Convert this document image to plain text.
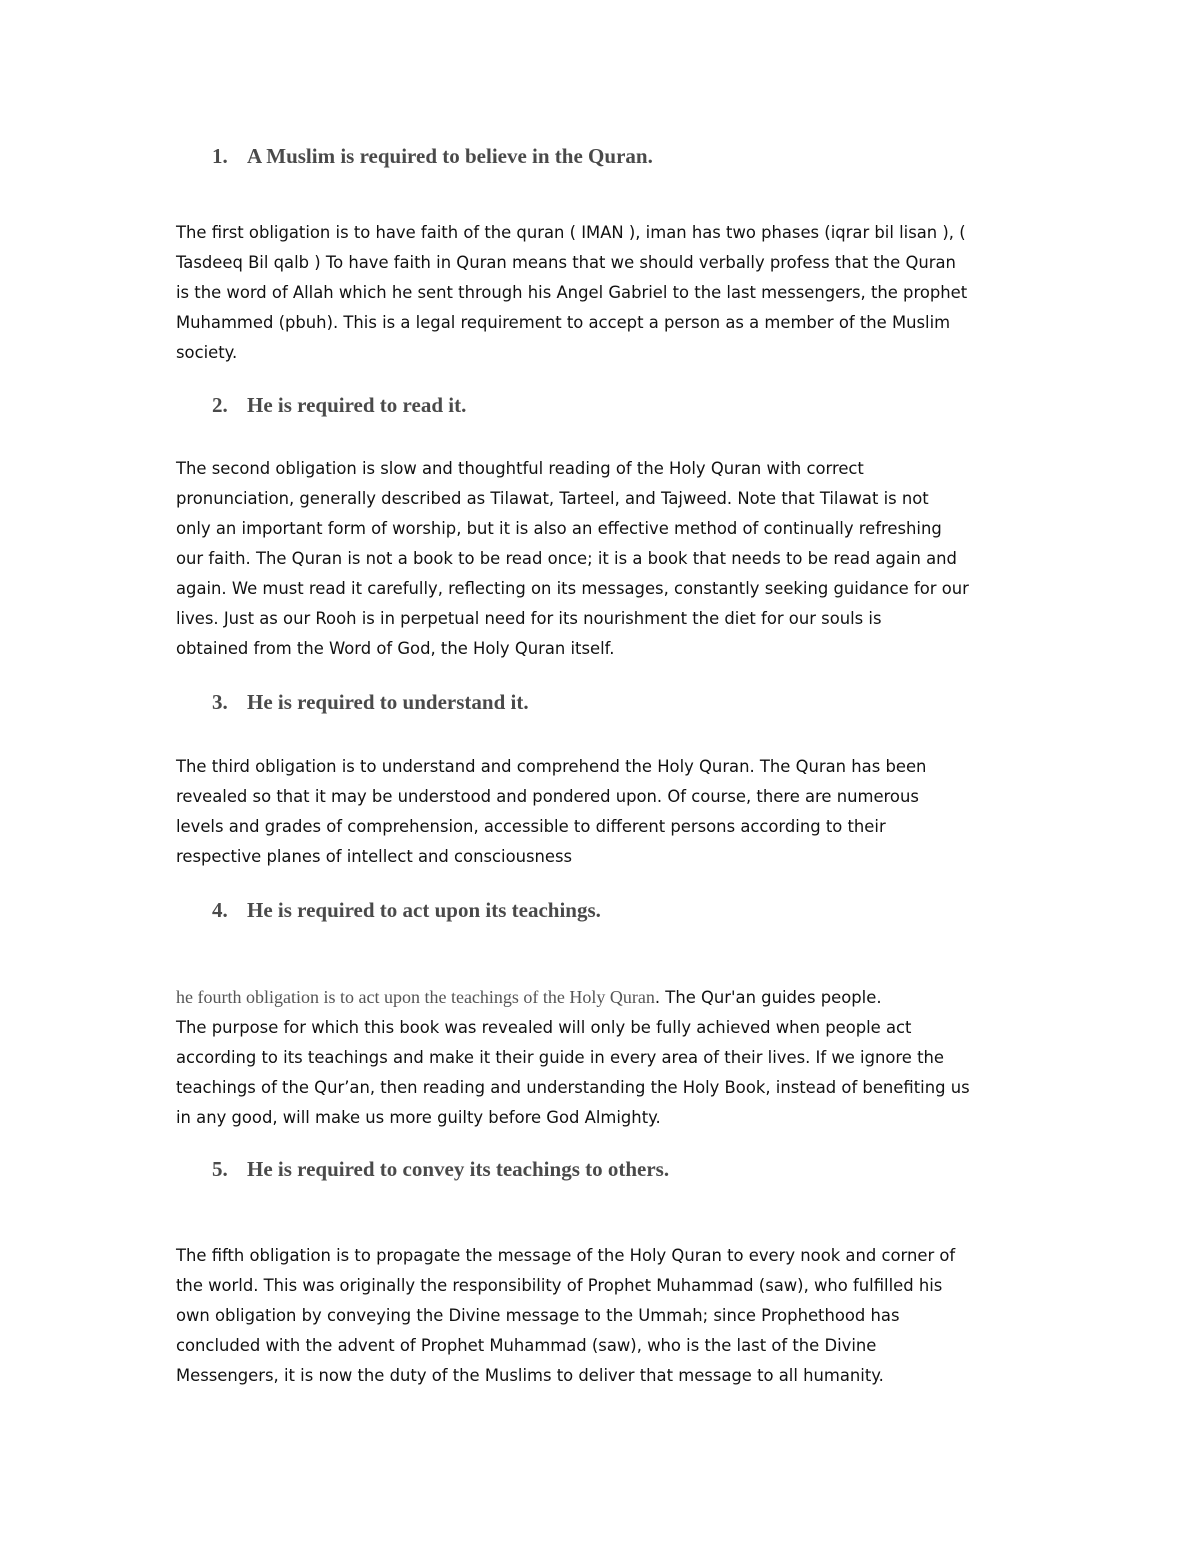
1. A Muslim is required to believe in the Quran.
The first obligation is to have faith of the quran ( IMAN ), iman has two phases (iqrar bil lisan ), (
Tasdeeq Bil qalb ) To have faith in Quran means that we should verbally profess that the Quran
is the word of Allah which he sent through his Angel Gabriel to the last messengers, the prophet
Muhammed (pbuh). This is a legal requirement to accept a person as a member of the Muslim
society.
2. He is required to read it.
The second obligation is slow and thoughtful reading of the Holy Quran with correct
pronunciation, generally described as Tilawat, Tarteel, and Tajweed. Note that Tilawat is not
only an important form of worship, but it is also an effective method of continually refreshing
our faith. The Quran is not a book to be read once; it is a book that needs to be read again and
again. We must read it carefully, reflecting on its messages, constantly seeking guidance for our
lives. Just as our Rooh is in perpetual need for its nourishment the diet for our souls is
obtained from the Word of God, the Holy Quran itself.
3. He is required to understand it.
The third obligation is to understand and comprehend the Holy Quran. The Quran has been
revealed so that it may be understood and pondered upon. Of course, there are numerous
levels and grades of comprehension, accessible to different persons according to their
respective planes of intellect and consciousness
4. He is required to act upon its teachings.
he fourth obligation is to act upon the teachings of the Holy Quran. The Qur'an guides people.
The purpose for which this book was revealed will only be fully achieved when people act
according to its teachings and make it their guide in every area of their lives. If we ignore the
teachings of the Qur’an, then reading and understanding the Holy Book, instead of benefiting us
in any good, will make us more guilty before God Almighty.
5. He is required to convey its teachings to others.
The fifth obligation is to propagate the message of the Holy Quran to every nook and corner of
the world. This was originally the responsibility of Prophet Muhammad (saw), who fulfilled his
own obligation by conveying the Divine message to the Ummah; since Prophethood has
concluded with the advent of Prophet Muhammad (saw), who is the last of the Divine
Messengers, it is now the duty of the Muslims to deliver that message to all humanity.
